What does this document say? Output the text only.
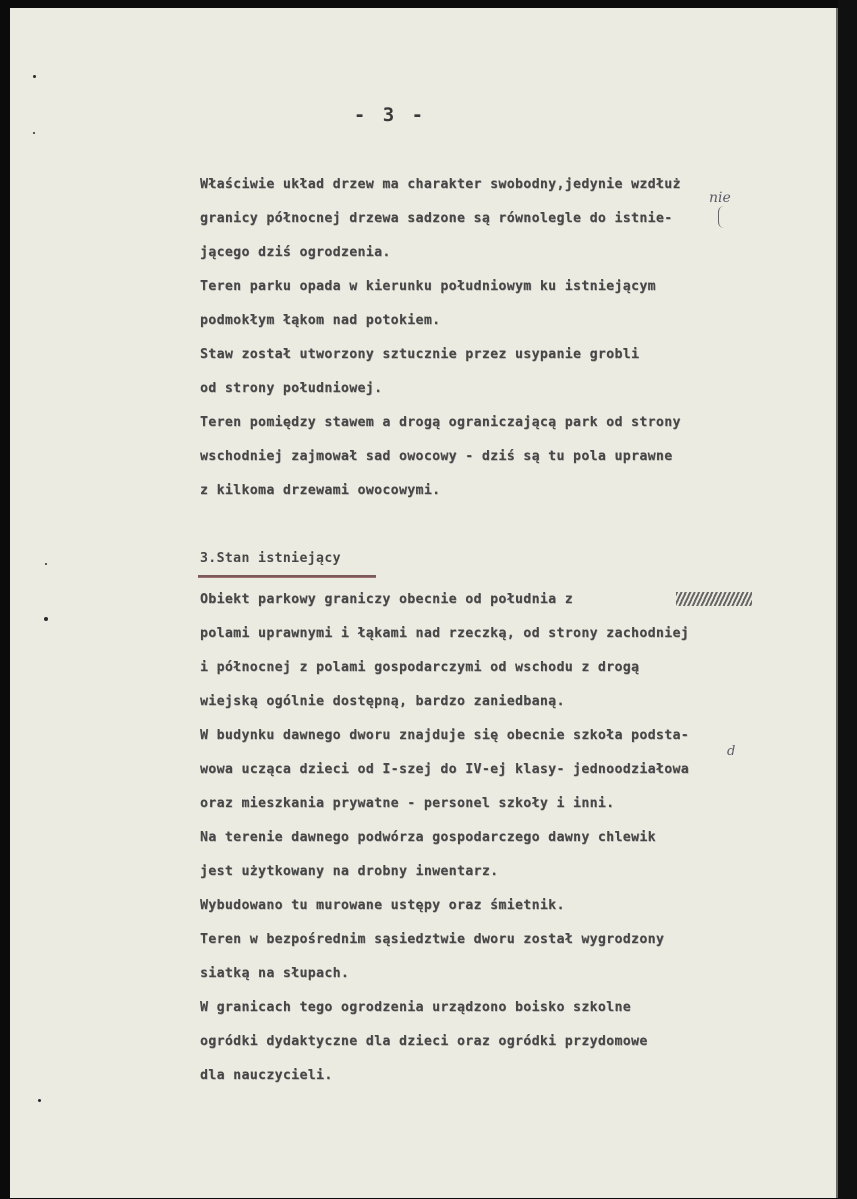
- 3 -
Właściwie układ drzew ma charakter swobodny,jedynie wzdłuż
granicy północnej drzewa sadzone są równolegle do istnie-
jącego dziś ogrodzenia.
Teren parku opada w kierunku południowym ku istniejącym
podmokłym łąkom nad potokiem.
Staw został utworzony sztucznie przez usypanie grobli
od strony południowej.
Teren pomiędzy stawem a drogą ograniczającą park od strony
wschodniej zajmował sad owocowy - dziś są tu pola uprawne
z kilkoma drzewami owocowymi.
nie
3.Stan istniejący
Obiekt parkowy graniczy obecnie od południa z
polami uprawnymi i łąkami nad rzeczką, od strony zachodniej
i północnej z polami gospodarczymi od wschodu z drogą
wiejską ogólnie dostępną, bardzo zaniedbaną.
W budynku dawnego dworu znajduje się obecnie szkoła podsta-
wowa ucząca dzieci od I-szej do IV-ej klasy- jednoodziałowa
oraz mieszkania prywatne - personel szkoły i inni.
Na terenie dawnego podwórza gospodarczego dawny chlewik
jest użytkowany na drobny inwentarz.
Wybudowano tu murowane ustępy oraz śmietnik.
Teren w bezpośrednim sąsiedztwie dworu został wygrodzony
siatką na słupach.
W granicach tego ogrodzenia urządzono boisko szkolne
ogródki dydaktyczne dla dzieci oraz ogródki przydomowe
dla nauczycieli.
d
